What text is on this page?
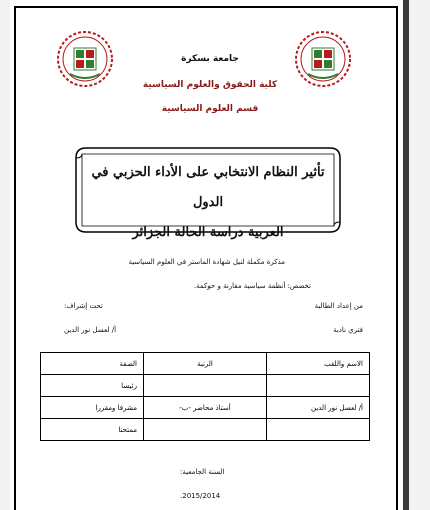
جامعة بسكرة
كلية الحقوق والعلوم السياسية
قسم العلوم السياسية
تأثير النظام الانتخابي على الأداء الحزبي في الدول
العربية دراسة الحالة الجزائر
مذكرة مكملة لنيل شهادة الماستر في العلوم السياسية
تخصص: أنظمة سياسية مقارنة و حوكمة.
من إعداد الطالبة
فتري نادية
تحت إشراف:
أ/ لعسل نور الدين
الاسم واللقب	الرتبة	الصفة
		رئيسا
أ/ لعسل نور الدين	أستاذ محاضر -ب-	مشرفا ومقررا
		ممتحنا
السنة الجامعية:
2015/2014.
